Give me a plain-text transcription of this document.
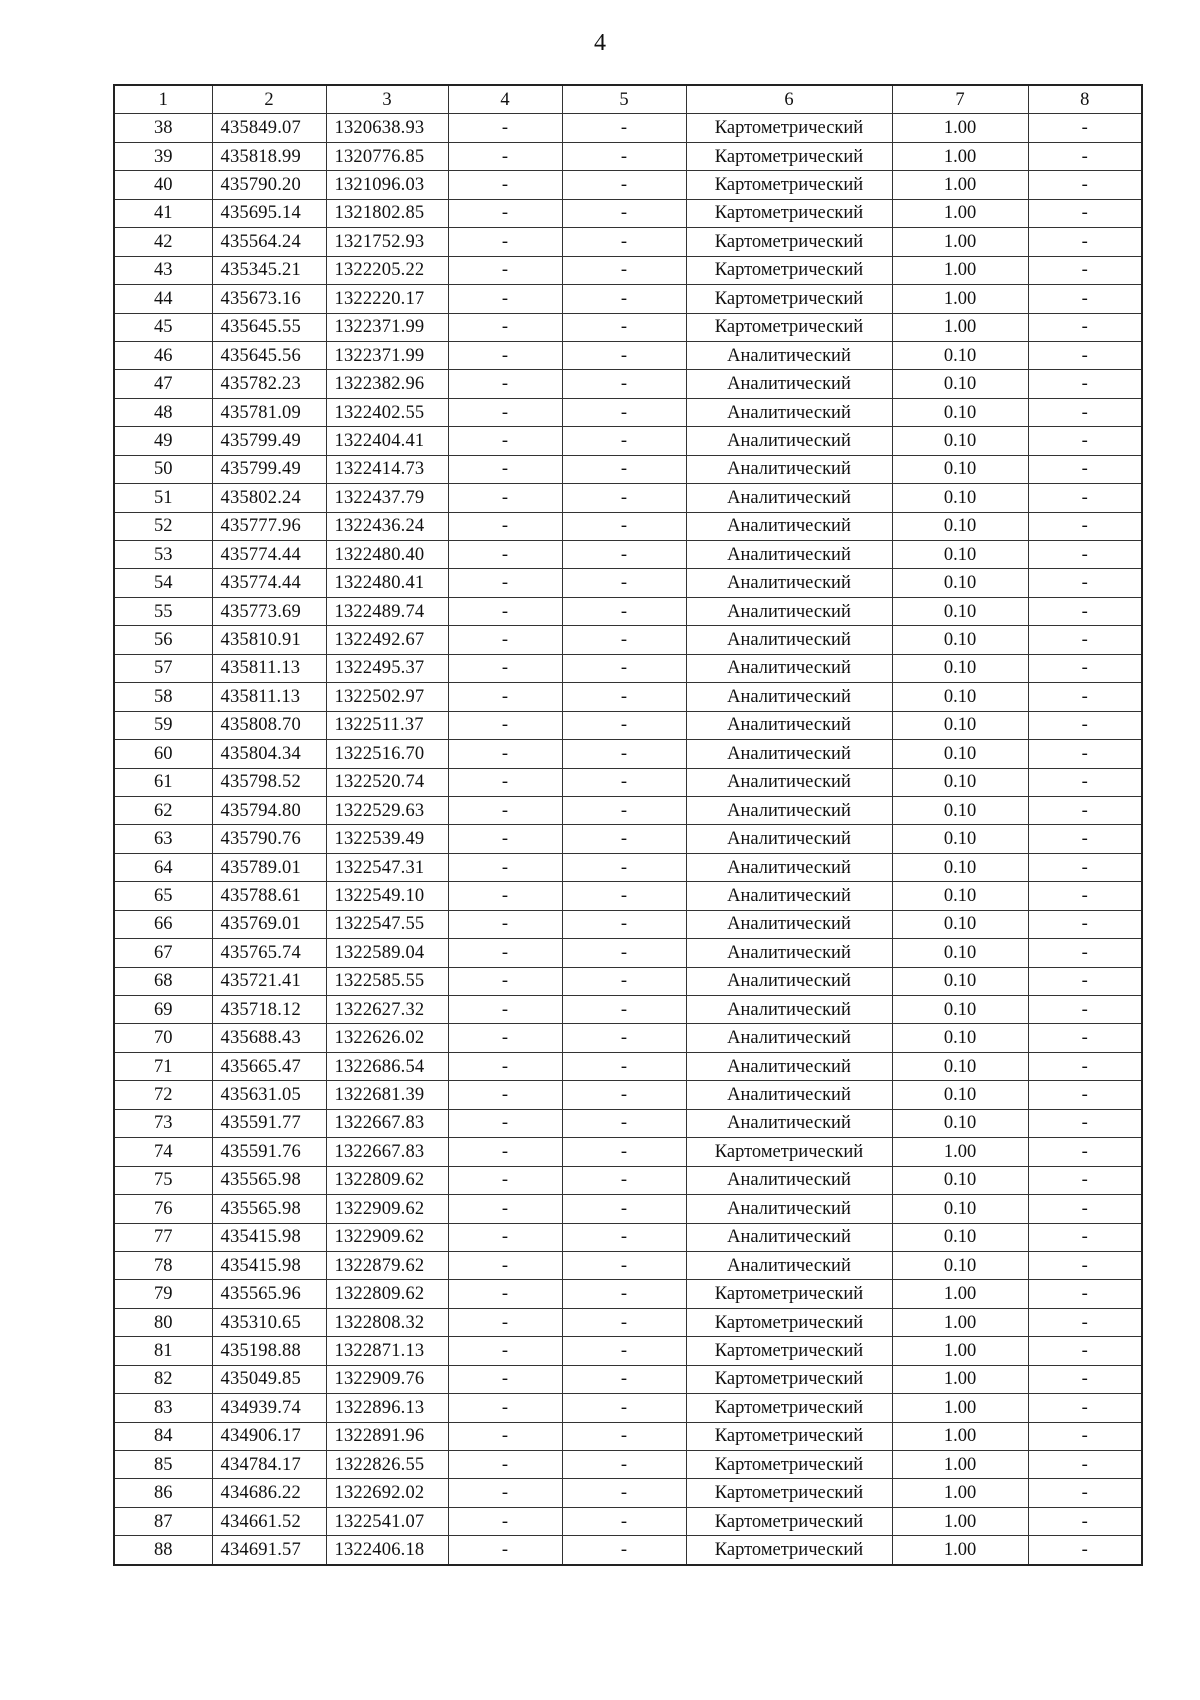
4
1	2	3	4	5	6	7	8
38	435849.07	1320638.93	-	-	Картометрический	1.00	-
39	435818.99	1320776.85	-	-	Картометрический	1.00	-
40	435790.20	1321096.03	-	-	Картометрический	1.00	-
41	435695.14	1321802.85	-	-	Картометрический	1.00	-
42	435564.24	1321752.93	-	-	Картометрический	1.00	-
43	435345.21	1322205.22	-	-	Картометрический	1.00	-
44	435673.16	1322220.17	-	-	Картометрический	1.00	-
45	435645.55	1322371.99	-	-	Картометрический	1.00	-
46	435645.56	1322371.99	-	-	Аналитический	0.10	-
47	435782.23	1322382.96	-	-	Аналитический	0.10	-
48	435781.09	1322402.55	-	-	Аналитический	0.10	-
49	435799.49	1322404.41	-	-	Аналитический	0.10	-
50	435799.49	1322414.73	-	-	Аналитический	0.10	-
51	435802.24	1322437.79	-	-	Аналитический	0.10	-
52	435777.96	1322436.24	-	-	Аналитический	0.10	-
53	435774.44	1322480.40	-	-	Аналитический	0.10	-
54	435774.44	1322480.41	-	-	Аналитический	0.10	-
55	435773.69	1322489.74	-	-	Аналитический	0.10	-
56	435810.91	1322492.67	-	-	Аналитический	0.10	-
57	435811.13	1322495.37	-	-	Аналитический	0.10	-
58	435811.13	1322502.97	-	-	Аналитический	0.10	-
59	435808.70	1322511.37	-	-	Аналитический	0.10	-
60	435804.34	1322516.70	-	-	Аналитический	0.10	-
61	435798.52	1322520.74	-	-	Аналитический	0.10	-
62	435794.80	1322529.63	-	-	Аналитический	0.10	-
63	435790.76	1322539.49	-	-	Аналитический	0.10	-
64	435789.01	1322547.31	-	-	Аналитический	0.10	-
65	435788.61	1322549.10	-	-	Аналитический	0.10	-
66	435769.01	1322547.55	-	-	Аналитический	0.10	-
67	435765.74	1322589.04	-	-	Аналитический	0.10	-
68	435721.41	1322585.55	-	-	Аналитический	0.10	-
69	435718.12	1322627.32	-	-	Аналитический	0.10	-
70	435688.43	1322626.02	-	-	Аналитический	0.10	-
71	435665.47	1322686.54	-	-	Аналитический	0.10	-
72	435631.05	1322681.39	-	-	Аналитический	0.10	-
73	435591.77	1322667.83	-	-	Аналитический	0.10	-
74	435591.76	1322667.83	-	-	Картометрический	1.00	-
75	435565.98	1322809.62	-	-	Аналитический	0.10	-
76	435565.98	1322909.62	-	-	Аналитический	0.10	-
77	435415.98	1322909.62	-	-	Аналитический	0.10	-
78	435415.98	1322879.62	-	-	Аналитический	0.10	-
79	435565.96	1322809.62	-	-	Картометрический	1.00	-
80	435310.65	1322808.32	-	-	Картометрический	1.00	-
81	435198.88	1322871.13	-	-	Картометрический	1.00	-
82	435049.85	1322909.76	-	-	Картометрический	1.00	-
83	434939.74	1322896.13	-	-	Картометрический	1.00	-
84	434906.17	1322891.96	-	-	Картометрический	1.00	-
85	434784.17	1322826.55	-	-	Картометрический	1.00	-
86	434686.22	1322692.02	-	-	Картометрический	1.00	-
87	434661.52	1322541.07	-	-	Картометрический	1.00	-
88	434691.57	1322406.18	-	-	Картометрический	1.00	-
